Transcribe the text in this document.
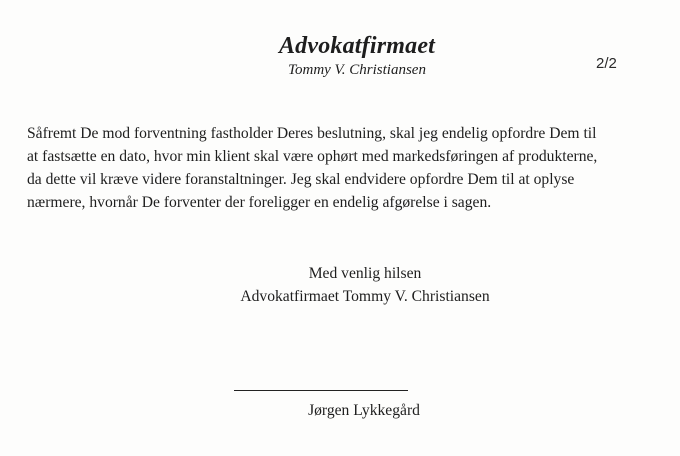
Advokatfirmaet
Tommy V. Christiansen	2/2

Såfremt De mod forventning fastholder Deres beslutning, skal jeg endelig opfordre Dem til

at fastsætte en dato, hvor min klient skal være ophørt med markedsføringen af produkterne,

da dette vil kræve videre foranstaltninger. Jeg skal endvidere opfordre Dem til at oplyse

nærmere, hvornår De forventer der foreligger en endelig afgørelse i sagen.

Med venlig hilsen
Advokatfirmaet Tommy V. Christiansen
Jørgen Lykkegård
